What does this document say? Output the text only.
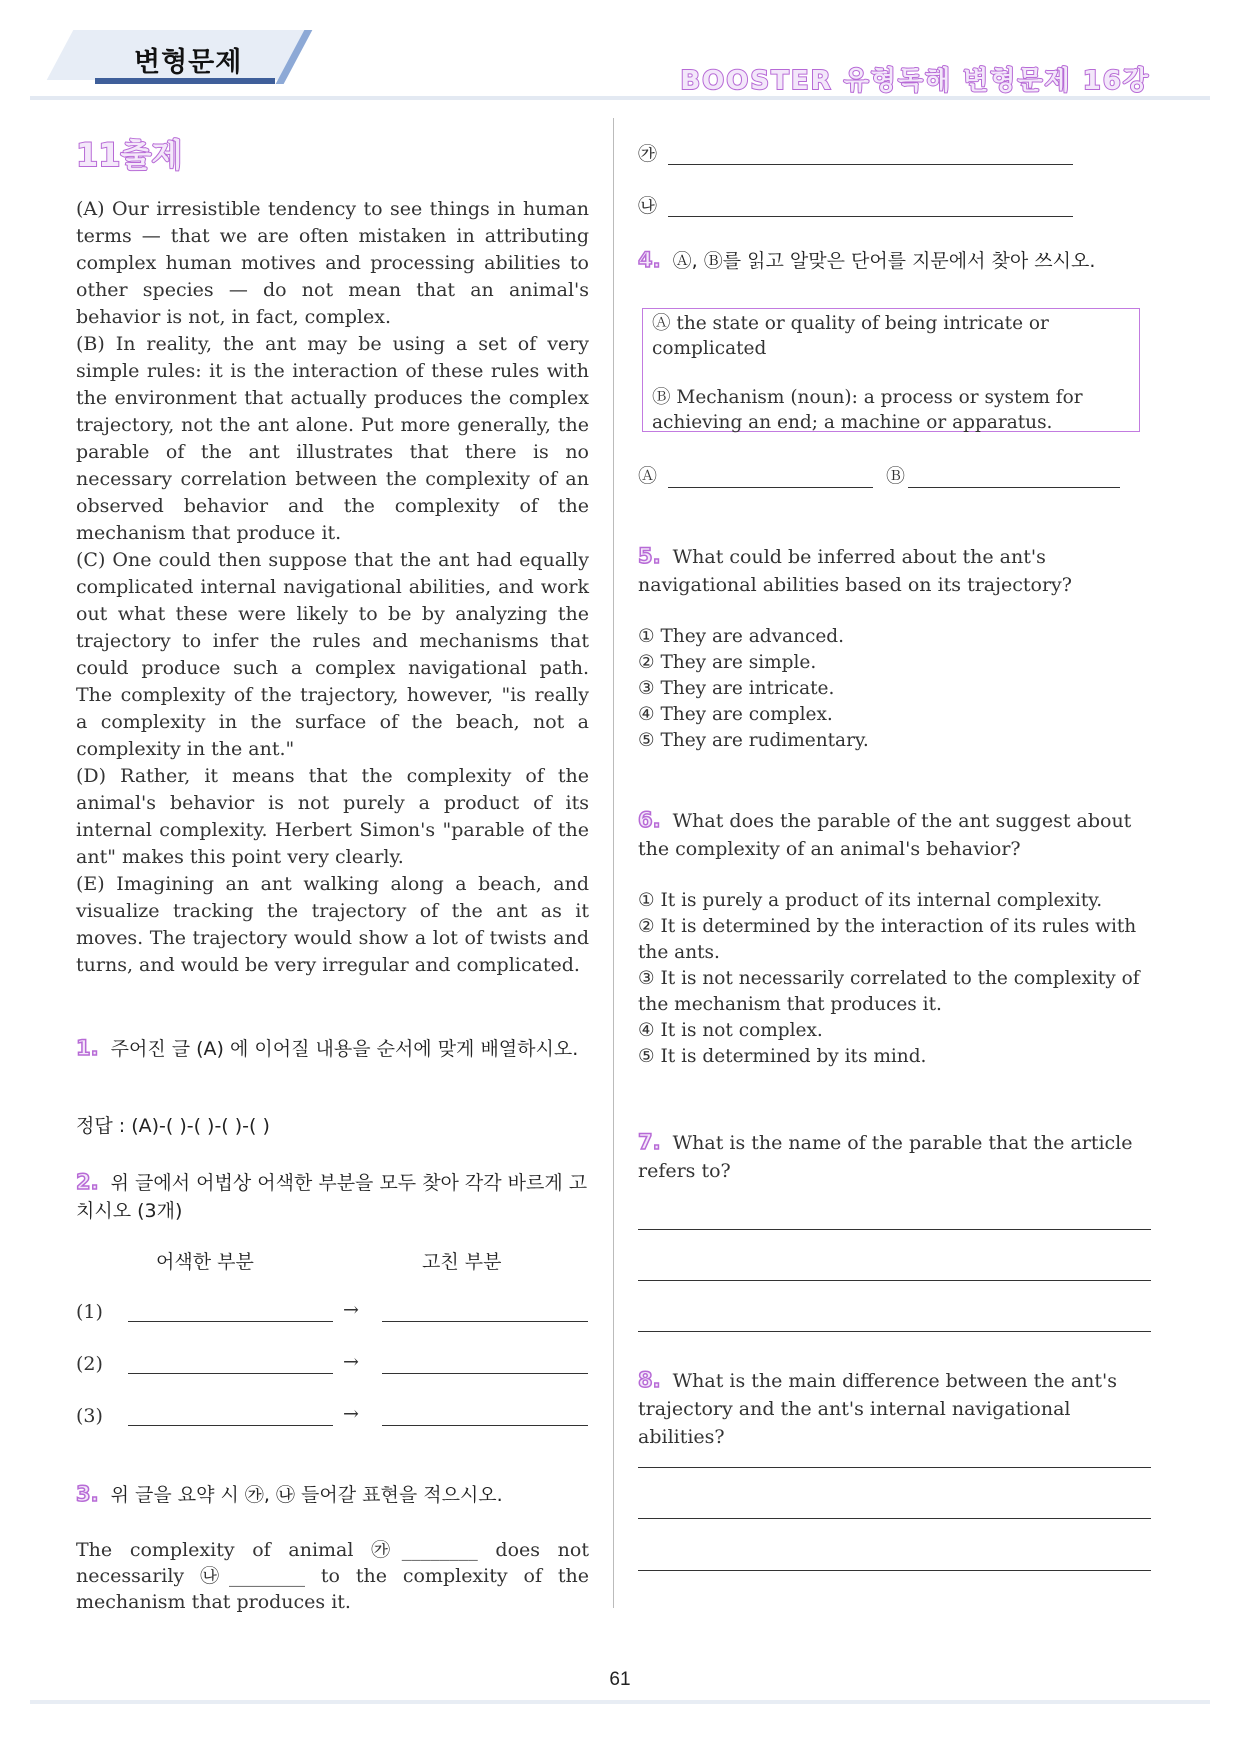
변형문제
BOOSTER 유형독해 변형문제 16강
11출제

(A) Our irresistible tendency to see things in human terms — that we are often mistaken in attributing complex human motives and processing abilities to other species — do not mean that an animal's behavior is not, in fact, complex.

(B) In reality, the ant may be using a set of very simple rules: it is the interaction of these rules with the environment that actually produces the complex trajectory, not the ant alone. Put more generally, the parable of the ant illustrates that there is no necessary correlation between the complexity of an observed behavior and the complexity of the mechanism that produce it.

(C) One could then suppose that the ant had equally complicated internal navigational abilities, and work out what these were likely to be by analyzing the trajectory to infer the rules and mechanisms that could produce such a complex navigational path. The complexity of the trajectory, however, "is really a complexity in the surface of the beach, not a complexity in the ant."

(D) Rather, it means that the complexity of the animal's behavior is not purely a product of its internal complexity. Herbert Simon's "parable of the ant" makes this point very clearly.

(E) Imagining an ant walking along a beach, and visualize tracking the trajectory of the ant as it moves. The trajectory would show a lot of twists and turns, and would be very irregular and complicated.

1. 주어진 글 (A) 에 이어질 내용을 순서에 맞게 배열하시오.
정답 : (A)-( )-( )-( )-( )
2. 위 글에서 어법상 어색한 부분을 모두 찾아 각각 바르게 고치시오 (3개)
어색한 부분	고친 부분
(1)	→
(2)	→
(3)	→
3. 위 글을 요약 시 ㉮, ㉯ 들어갈 표현을 적으시오.
The complexity of animal ㉮________ does not
necessarily ㉯________ to the complexity of the
mechanism that produces it.
㉮
㉯
4. Ⓐ, Ⓑ를 읽고 알맞은 단어를 지문에서 찾아 쓰시오.

Ⓐ the state or quality of being intricate or complicated

Ⓑ Mechanism (noun): a process or system for achieving an end; a machine or apparatus.

Ⓐ	Ⓑ
5. What could be inferred about the ant's navigational abilities based on its trajectory?
① They are advanced.
② They are simple.
③ They are intricate.
④ They are complex.
⑤ They are rudimentary.
6. What does the parable of the ant suggest about the complexity of an animal's behavior?
① It is purely a product of its internal complexity.
② It is determined by the interaction of its rules with the ants.
③ It is not necessarily correlated to the complexity of the mechanism that produces it.
④ It is not complex.
⑤ It is determined by its mind.
7. What is the name of the parable that the article refers to?
8. What is the main difference between the ant's trajectory and the ant's internal navigational abilities?
61
